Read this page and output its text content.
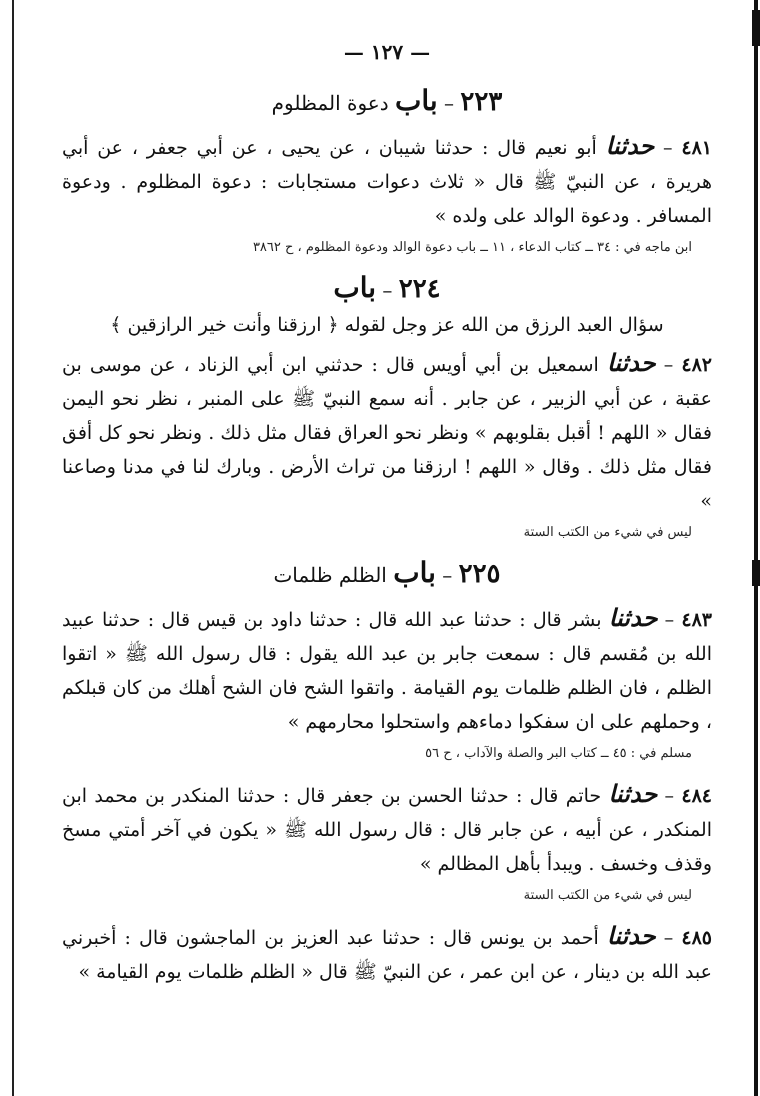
— ١٢٧ —
٢٢٣ – باب دعوة المظلوم

٤٨١ – حدثنا أبو نعيم قال : حدثنا شيبان ، عن يحيى ، عن أبي جعفر ، عن أبي هريرة ، عن النبيّ ﷺ قال « ثلاث دعوات مستجابات : دعوة المظلوم . ودعوة المسافر . ودعوة الوالد على ولده »

ابن ماجه في : ٣٤ ــ كتاب الدعاء ، ١١ ــ باب دعوة الوالد ودعوة المظلوم ، ح ٣٨٦٢
٢٢٤ – باب
سؤال العبد الرزق من الله عز وجل لقوله ﴿ ارزقنا وأنت خير الرازقين ﴾

٤٨٢ – حدثنا اسمعيل بن أبي أويس قال : حدثني ابن أبي الزناد ، عن موسى بن عقبة ، عن أبي الزبير ، عن جابر . أنه سمع النبيّ ﷺ على المنبر ، نظر نحو اليمن فقال « اللهم ! أقبل بقلوبهم » ونظر نحو العراق فقال مثل ذلك . ونظر نحو كل أفق فقال مثل ذلك . وقال « اللهم ! ارزقنا من تراث الأرض . وبارك لنا في مدنا وصاعنا »

ليس في شيء من الكتب الستة
٢٢٥ – باب الظلم ظلمات

٤٨٣ – حدثنا بشر قال : حدثنا عبد الله قال : حدثنا داود بن قيس قال : حدثنا عبيد الله بن مُقسم قال : سمعت جابر بن عبد الله يقول : قال رسول الله ﷺ « اتقوا الظلم ، فان الظلم ظلمات يوم القيامة . واتقوا الشح فان الشح أهلك من كان قبلكم ، وحملهم على ان سفكوا دماءهم واستحلوا محارمهم »

مسلم في : ٤٥ ــ كتاب البر والصلة والآداب ، ح ٥٦

٤٨٤ – حدثنا حاتم قال : حدثنا الحسن بن جعفر قال : حدثنا المنكدر بن محمد ابن المنكدر ، عن أبيه ، عن جابر قال : قال رسول الله ﷺ « يكون في آخر أمتي مسخ وقذف وخسف . ويبدأ بأهل المظالم »

ليس في شيء من الكتب الستة

٤٨٥ – حدثنا أحمد بن يونس قال : حدثنا عبد العزيز بن الماجشون قال : أخبرني عبد الله بن دينار ، عن ابن عمر ، عن النبيّ ﷺ قال « الظلم ظلمات يوم القيامة »
